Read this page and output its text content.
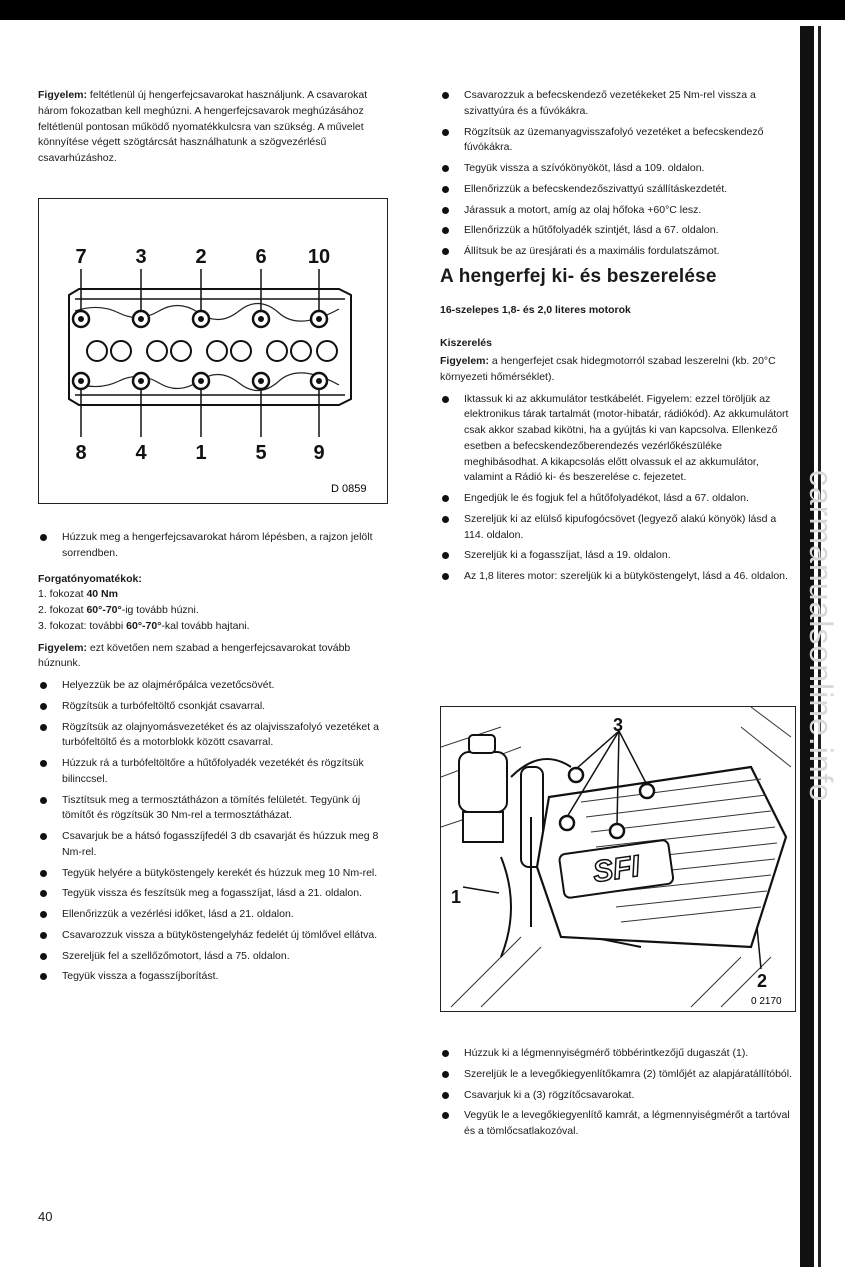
carmanualsonline.info
Figyelem: feltétlenül új hengerfejcsavarokat használjunk. A csavarokat három fokozatban kell meghúzni. A hengerfejcsavarok meghúzásához feltétlenül pontosan működő nyomatékkulcsra van szükség. A művelet könnyítése végett szögtárcsát használhatunk a szögvezérlésű csavarhúzáshoz.
7 3 2 6 10
8 4 1 5 9
D 0859
Húzzuk meg a hengerfejcsavarokat három lépésben, a rajzon jelölt sorrendben.
Forgatónyomatékok:
1. fokozat 40 Nm
2. fokozat 60°-70°-ig tovább húzni.
3. fokozat: további 60°-70°-kal tovább hajtani.
Figyelem: ezt követően nem szabad a hengerfejcsavarokat tovább húznunk.
Helyezzük be az olajmérőpálca vezetőcsövét.
Rögzítsük a turbófeltöltő csonkját csavarral.
Rögzítsük az olajnyomásvezetéket és az olajvisszafolyó vezetéket a turbófeltöltő és a motorblokk között csavarral.
Húzzuk rá a turbófeltöltőre a hűtőfolyadék vezetékét és rögzítsük bilinccsel.
Tisztítsuk meg a termosztátházon a tömítés felületét. Tegyünk új tömítőt és rögzítsük 30 Nm-rel a termosztátházat.
Csavarjuk be a hátsó fogasszíjfedél 3 db csavarját és húzzuk meg 8 Nm-rel.
Tegyük helyére a bütyköstengely kerekét és húzzuk meg 10 Nm-rel.
Tegyük vissza és feszítsük meg a fogasszíjat, lásd a 21. oldalon.
Ellenőrizzük a vezérlési időket, lásd a 21. oldalon.
Csavarozzuk vissza a bütyköstengelyház fedelét új tömlővel ellátva.
Szereljük fel a szellőzőmotort, lásd a 75. oldalon.
Tegyük vissza a fogasszíjborítást.
Csavarozzuk a befecskendező vezetékeket 25 Nm-rel vissza a szivattyúra és a fúvókákra.
Rögzítsük az üzemanyagvisszafolyó vezetéket a befecskendező fúvókákra.
Tegyük vissza a szívókönyököt, lásd a 109. oldalon.
Ellenőrizzük a befecskendezőszivattyú szállításkezdetét.
Járassuk a motort, amíg az olaj hőfoka +60°C lesz.
Ellenőrizzük a hűtőfolyadék szintjét, lásd a 67. oldalon.
Állítsuk be az üresjárati és a maximális fordulatszámot.
A hengerfej ki- és beszerelése
16-szelepes 1,8- és 2,0 literes motorok
Kiszerelés
Figyelem: a hengerfejet csak hidegmotorról szabad leszerelni (kb. 20°C környezeti hőmérséklet).
Iktassuk ki az akkumulátor testkábelét. Figyelem: ezzel töröljük az elektronikus tárak tartalmát (motor-hibatár, rádiókód). Az akkumulátort csak akkor szabad kikötni, ha a gyújtás ki van kapcsolva. Ellenkező esetben a befecskendezőberendezés vezérlőkészüléke meghibásodhat. A kikapcsolás előtt olvassuk el az akkumulátor, valamint a Rádió ki- és beszerelése c. fejezetet.
Engedjük le és fogjuk fel a hűtőfolyadékot, lásd a 67. oldalon.
Szereljük ki az elülső kipufogócsövet (legyező alakú könyök) lásd a 114. oldalon.
Szereljük ki a fogasszíjat, lásd a 19. oldalon.
Az 1,8 literes motor: szereljük ki a bütyköstengelyt, lásd a 46. oldalon.
SFI
3
1
2
0 2170
Húzzuk ki a légmennyiségmérő többérintkezőjű dugaszát (1).
Szereljük le a levegőkiegyenlítőkamra (2) tömlőjét az alapjáratállítóból.
Csavarjuk ki a (3) rögzítőcsavarokat.
Vegyük le a levegőkiegyenlítő kamrát, a légmennyiségmérőt a tartóval és a tömlőcsatlakozóval.
40
